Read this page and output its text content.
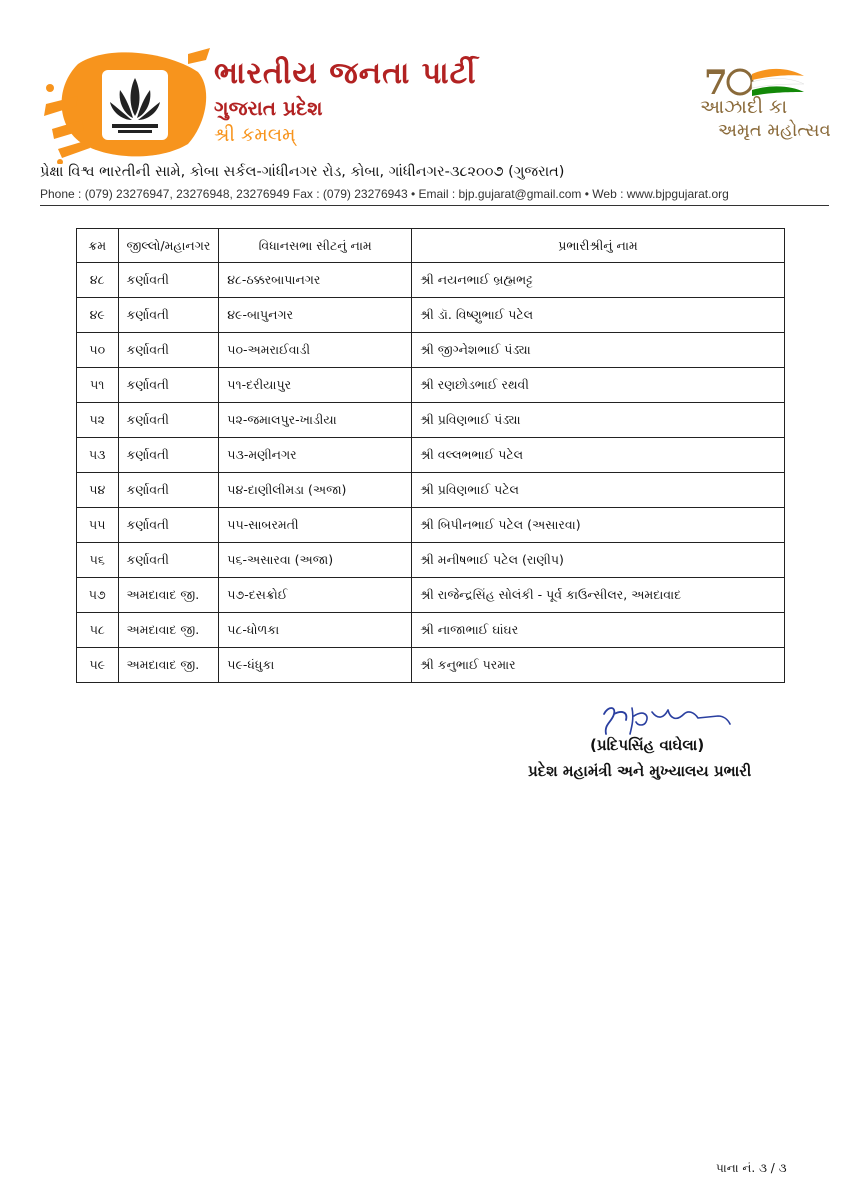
ભારતીય જનતા પાર્ટી
ગુજરાત પ્રદેશ
શ્રી કમલમ્
7
આઝાદી કા
અમૃત મહોત્સવ
પ્રેક્ષા વિશ્વ ભારતીની સામે, કોબા સર્કલ-ગાંધીનગર રોડ, કોબા, ગાંધીનગર-૩૮૨૦૦૭ (ગુજરાત)
Phone : (079) 23276947, 23276948, 23276949 Fax : (079) 23276943 • Email : bjp.gujarat@gmail.com • Web : www.bjpgujarat.org
ક્રમ	જીલ્લો/મહાનગર	વિધાનસભા સીટનું નામ	પ્રભારીશ્રીનું નામ
૪૮	કર્ણાવતી	૪૮-ઠક્કરબાપાનગર	શ્રી નયનભાઈ બ્રહ્મભટ્ટ
૪૯	કર્ણાવતી	૪૯-બાપુનગર	શ્રી ડૉ. વિષ્ણુભાઈ પટેલ
૫૦	કર્ણાવતી	૫૦-અમરાઈવાડી	શ્રી જીગ્નેશભાઈ પંડ્યા
૫૧	કર્ણાવતી	૫૧-દરીયાપુર	શ્રી રણછોડભાઈ રથવી
૫૨	કર્ણાવતી	૫૨-જમાલપુર-ખાડીયા	શ્રી પ્રવિણભાઈ પંડ્યા
૫૩	કર્ણાવતી	૫૩-મણીનગર	શ્રી વલ્લભભાઈ પટેલ
૫૪	કર્ણાવતી	૫૪-દાણીલીમડા (અજા)	શ્રી પ્રવિણભાઈ પટેલ
૫૫	કર્ણાવતી	૫૫-સાબરમતી	શ્રી બિપીનભાઈ પટેલ (અસારવા)
૫૬	કર્ણાવતી	૫૬-અસારવા (અજા)	શ્રી મનીષભાઈ પટેલ (રાણીપ)
૫૭	અમદાવાદ જી.	૫૭-દસક્રોઈ	શ્રી રાજેન્દ્રસિંહ સોલંકી - પૂર્વ કાઉન્સીલર, અમદાવાદ
૫૮	અમદાવાદ જી.	૫૮-ધોળકા	શ્રી નાજાભાઈ ઘાંઘર
૫૯	અમદાવાદ જી.	૫૯-ધંધુકા	શ્રી કનુભાઈ પરમાર
(પ્રદિપસિંહ વાઘેલા)
પ્રદેશ મહામંત્રી અને મુખ્યાલય પ્રભારી
પાના નં. ૩ / ૩
